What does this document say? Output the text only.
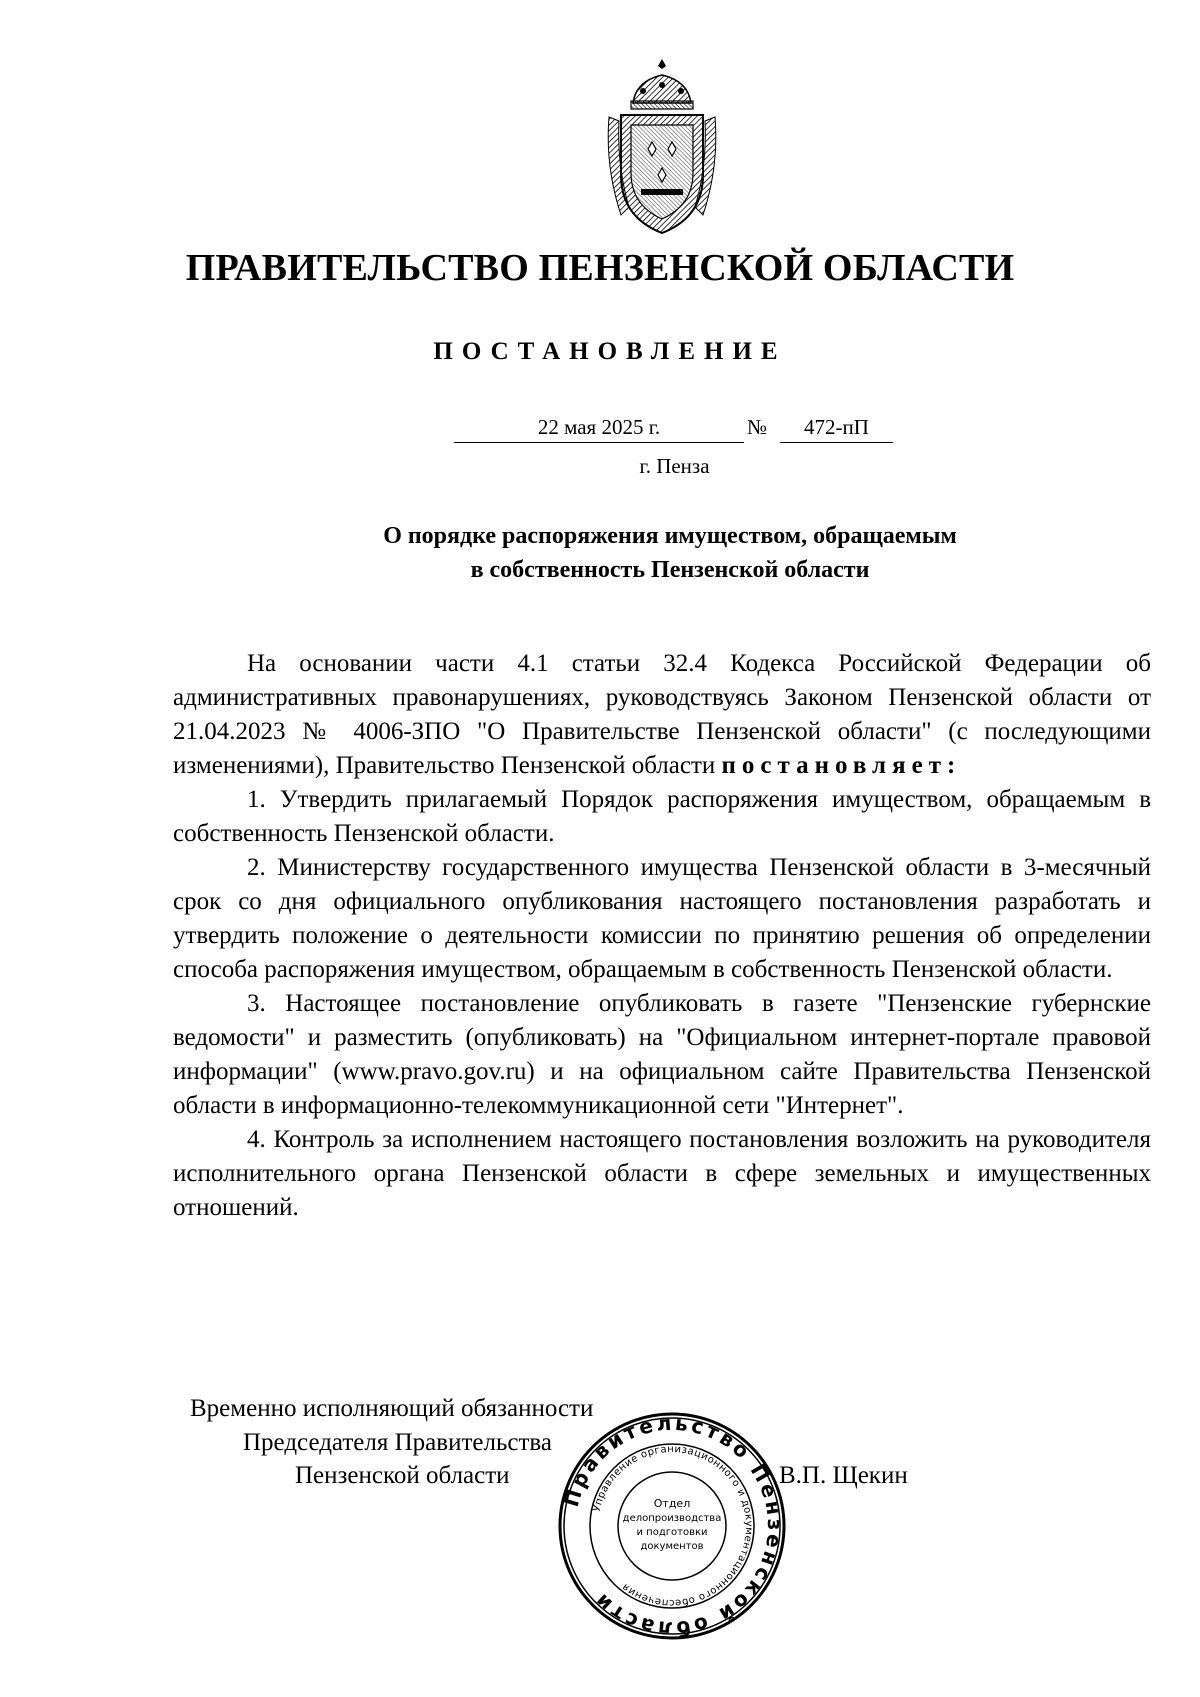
ПРАВИТЕЛЬСТВО ПЕНЗЕНСКОЙ ОБЛАСТИ
ПОСТАНОВЛЕНИЕ
22 мая 2025 г.	№	472-пП
г. Пенза
О порядке распоряжения имуществом, обращаемым
в собственность Пензенской области

На основании части 4.1 статьи 32.4 Кодекса Российской Федерации об административных правонарушениях, руководствуясь Законом Пензенской области от 21.04.2023 № 4006-ЗПО "О Правительстве Пензенской области" (с последующими изменениями), Правительство Пензенской области постановляет:

1. Утвердить прилагаемый Порядок распоряжения имуществом, обращаемым в собственность Пензенской области.

2. Министерству государственного имущества Пензенской области в 3-месячный срок со дня официального опубликования настоящего постановления разработать и утвердить положение о деятельности комиссии по принятию решения об определении способа распоряжения имуществом, обращаемым в собственность Пензенской области.

3. Настоящее постановление опубликовать в газете "Пензенские губернские ведомости" и разместить (опубликовать) на "Официальном интернет-портале правовой информации" (www.pravo.gov.ru) и на официальном сайте Правительства Пензенской области в информационно-телекоммуникационной сети "Интернет".

4. Контроль за исполнением настоящего постановления возложить на руководителя исполнительного органа Пензенской области в сфере земельных и имущественных отношений.

Временно исполняющий обязанности
Председателя Правительства
Пензенской области	В.П. Щекин
Правительство Пензенской области
Управление организационного и документационного обеспечения
Отдел
делопроизводства
и подготовки
документов
